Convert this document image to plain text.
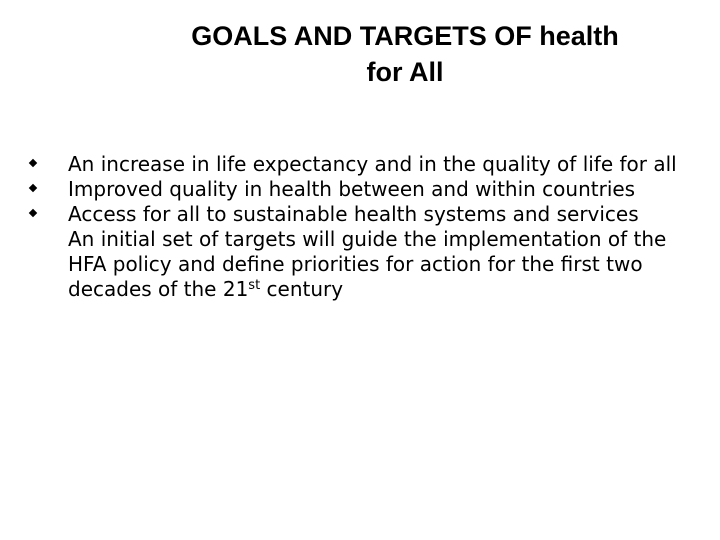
GOALS AND TARGETS OF health
for All
An increase in life expectancy and in the quality of life for all
Improved quality in health between and within countries
Access for all to sustainable health systems and services
An initial set of targets will guide the implementation of the HFA policy and define priorities for action for the first two decades of the 21st century
